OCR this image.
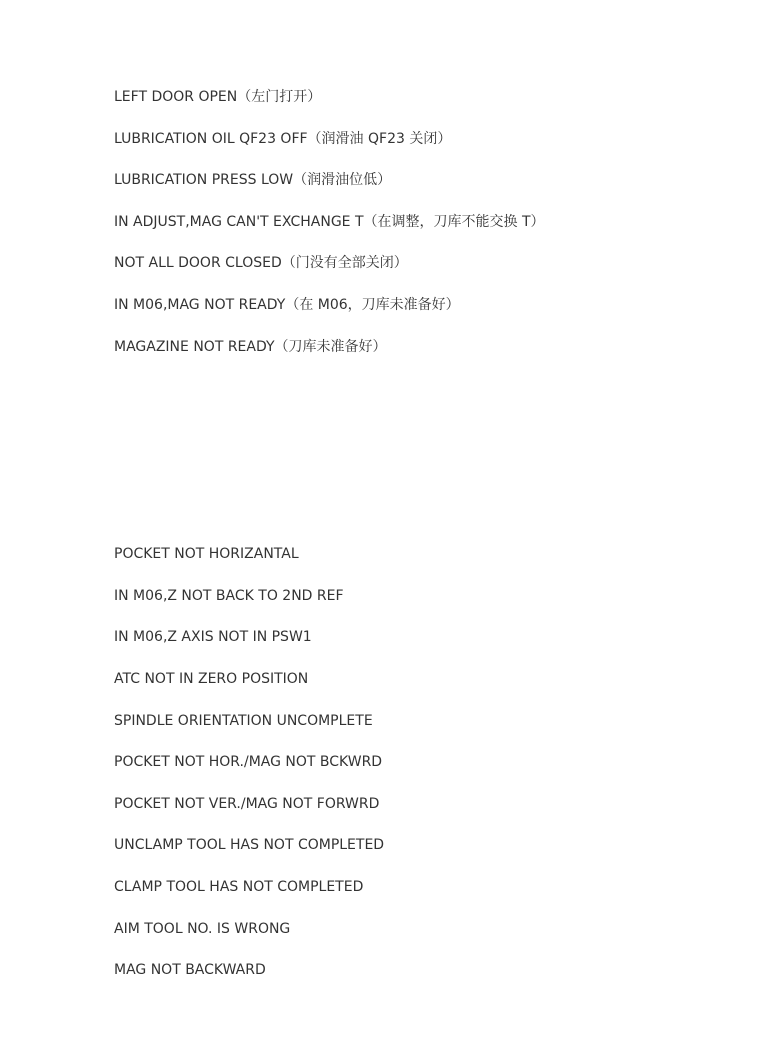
LEFT DOOR OPEN（左门打开）
LUBRICATION OIL QF23 OFF（润滑油 QF23 关闭）
LUBRICATION PRESS LOW（润滑油位低）
IN ADJUST,MAG CAN'T EXCHANGE T（在调整，刀库不能交换 T）
NOT ALL DOOR CLOSED（门没有全部关闭）
IN M06,MAG NOT READY（在 M06，刀库未准备好）
MAGAZINE NOT READY（刀库未准备好）
POCKET NOT HORIZANTAL
IN M06,Z NOT BACK TO 2ND REF
IN M06,Z AXIS NOT IN PSW1
ATC NOT IN ZERO POSITION
SPINDLE ORIENTATION UNCOMPLETE
POCKET NOT HOR./MAG NOT BCKWRD
POCKET NOT VER./MAG NOT FORWRD
UNCLAMP TOOL HAS NOT COMPLETED
CLAMP TOOL HAS NOT COMPLETED
AIM TOOL NO. IS WRONG
MAG NOT BACKWARD
